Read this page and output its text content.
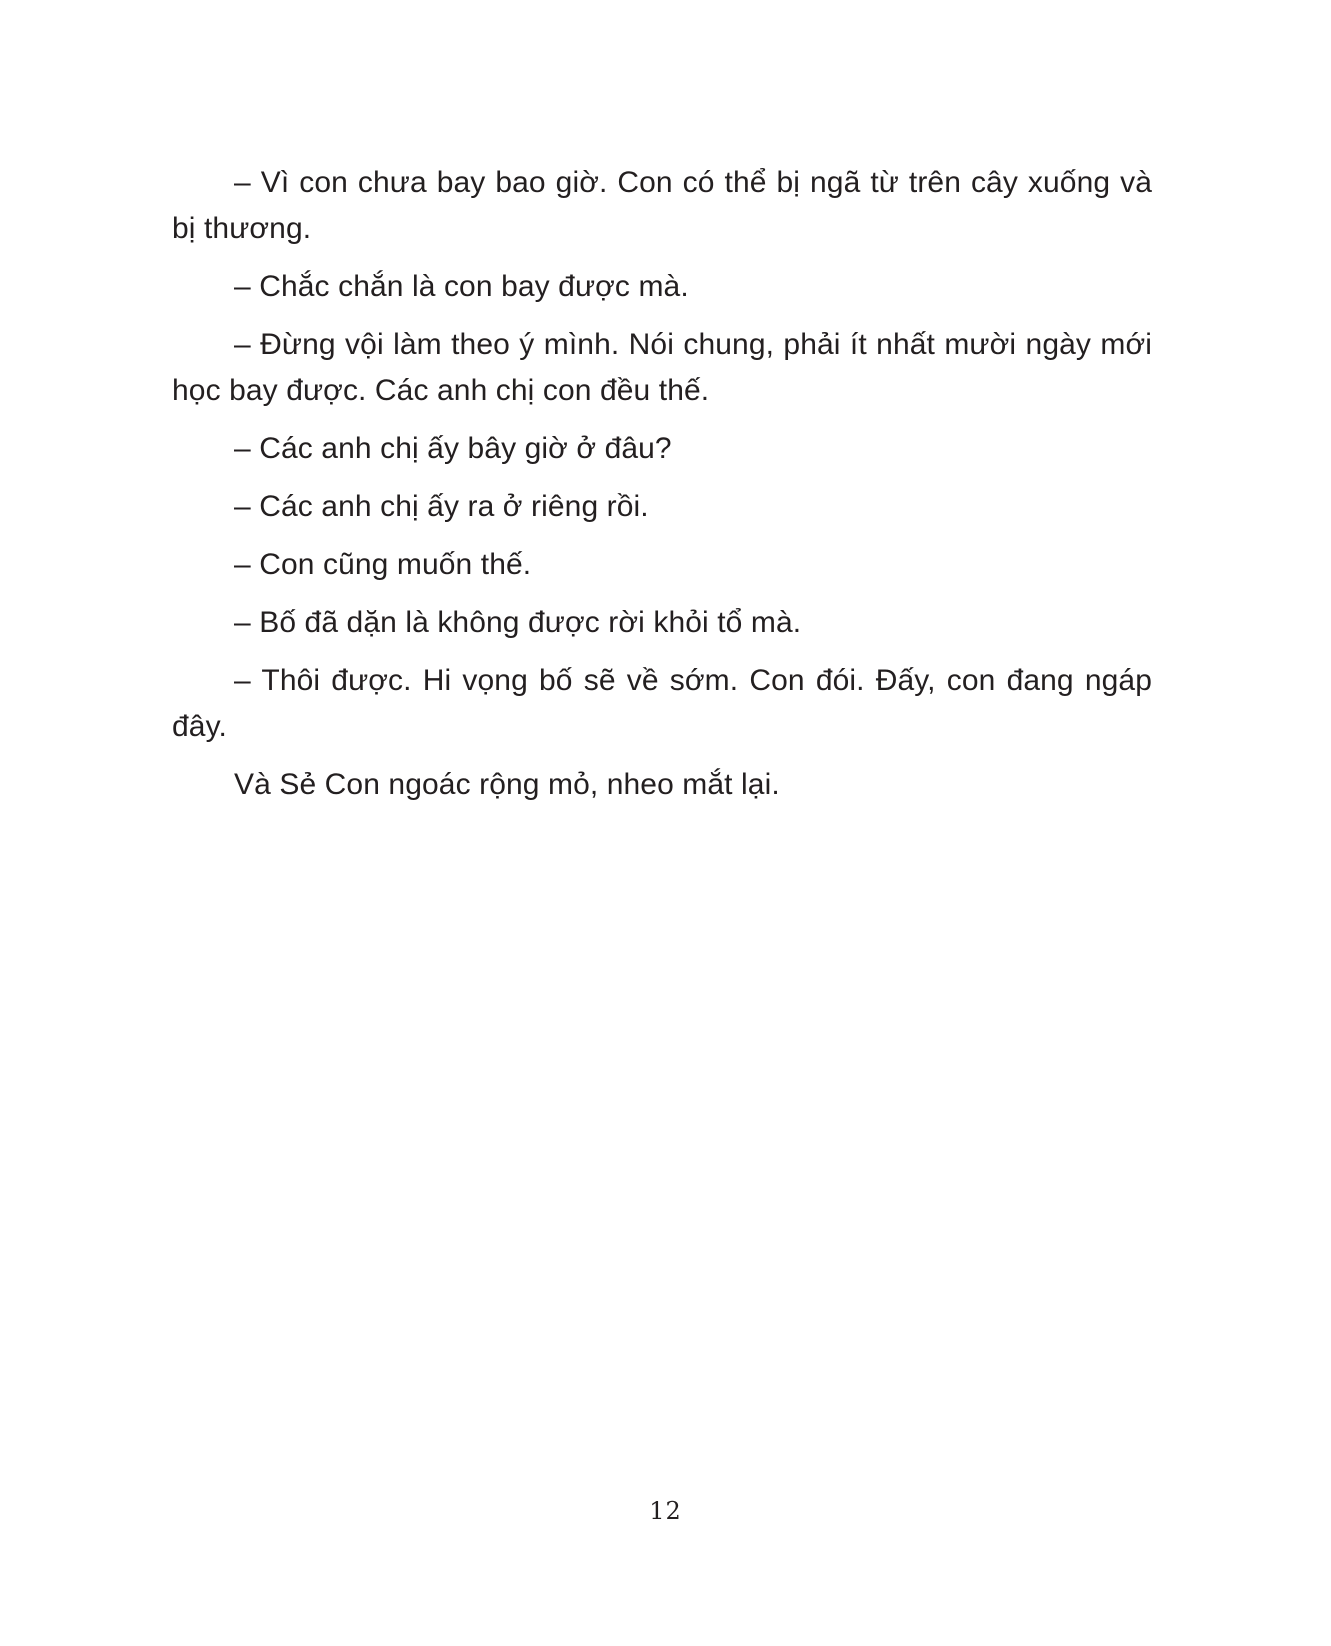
– Vì con chưa bay bao giờ. Con có thể bị ngã từ trên cây xuống và bị thương.

– Chắc chắn là con bay được mà.

– Đừng vội làm theo ý mình. Nói chung, phải ít nhất mười ngày mới học bay được. Các anh chị con đều thế.

– Các anh chị ấy bây giờ ở đâu?

– Các anh chị ấy ra ở riêng rồi.

– Con cũng muốn thế.

– Bố đã dặn là không được rời khỏi tổ mà.

– Thôi được. Hi vọng bố sẽ về sớm. Con đói. Đấy, con đang ngáp đây.

Và Sẻ Con ngoác rộng mỏ, nheo mắt lại.

12
